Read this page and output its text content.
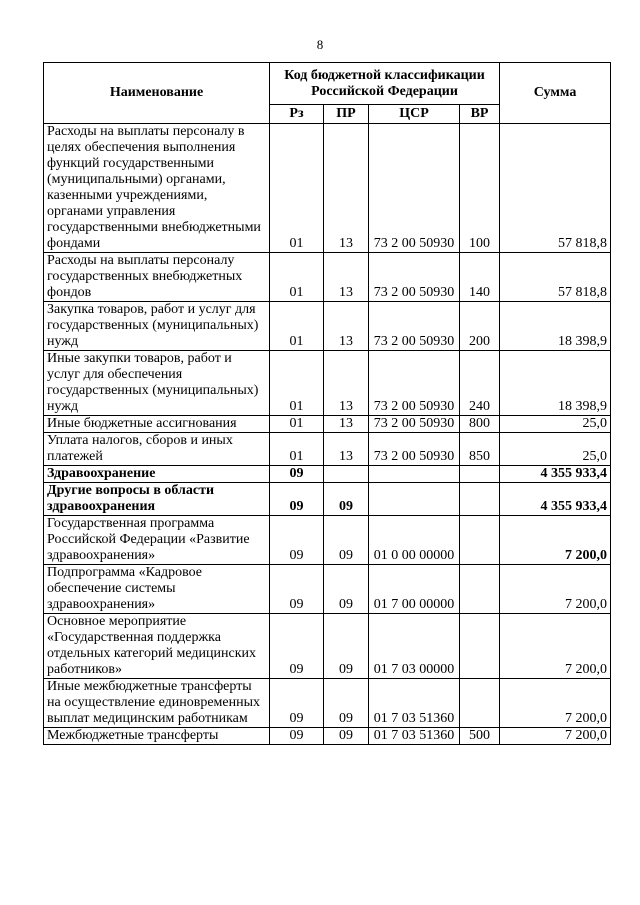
8
Наименование	Код бюджетной классификации Российской Федерации				Сумма
	Рз	ПР	ЦСР	ВР	
Расходы на выплаты персоналу в целях обеспечения выполнения функций государственными (муниципальными) органами, казенными учреждениями, органами управления государственными внебюджетными фондами	01	13	73 2 00 50930	100	57 818,8
Расходы на выплаты персоналу государственных внебюджетных фондов	01	13	73 2 00 50930	140	57 818,8
Закупка товаров, работ и услуг для государственных (муниципальных) нужд	01	13	73 2 00 50930	200	18 398,9
Иные закупки товаров, работ и услуг для обеспечения государственных (муниципальных) нужд	01	13	73 2 00 50930	240	18 398,9
Иные бюджетные ассигнования	01	13	73 2 00 50930	800	25,0
Уплата налогов, сборов и иных платежей	01	13	73 2 00 50930	850	25,0
Здравоохранение	09				4 355 933,4
Другие вопросы в области здравоохранения	09	09			4 355 933,4
Государственная программа Российской Федерации «Развитие здравоохранения»	09	09	01 0 00 00000		7 200,0
Подпрограмма «Кадровое обеспечение системы здравоохранения»	09	09	01 7 00 00000		7 200,0
Основное мероприятие «Государственная поддержка отдельных категорий медицинских работников»	09	09	01 7 03 00000		7 200,0
Иные межбюджетные трансферты на осуществление единовременных выплат медицинским работникам	09	09	01 7 03 51360		7 200,0
Межбюджетные трансферты	09	09	01 7 03 51360	500	7 200,0
